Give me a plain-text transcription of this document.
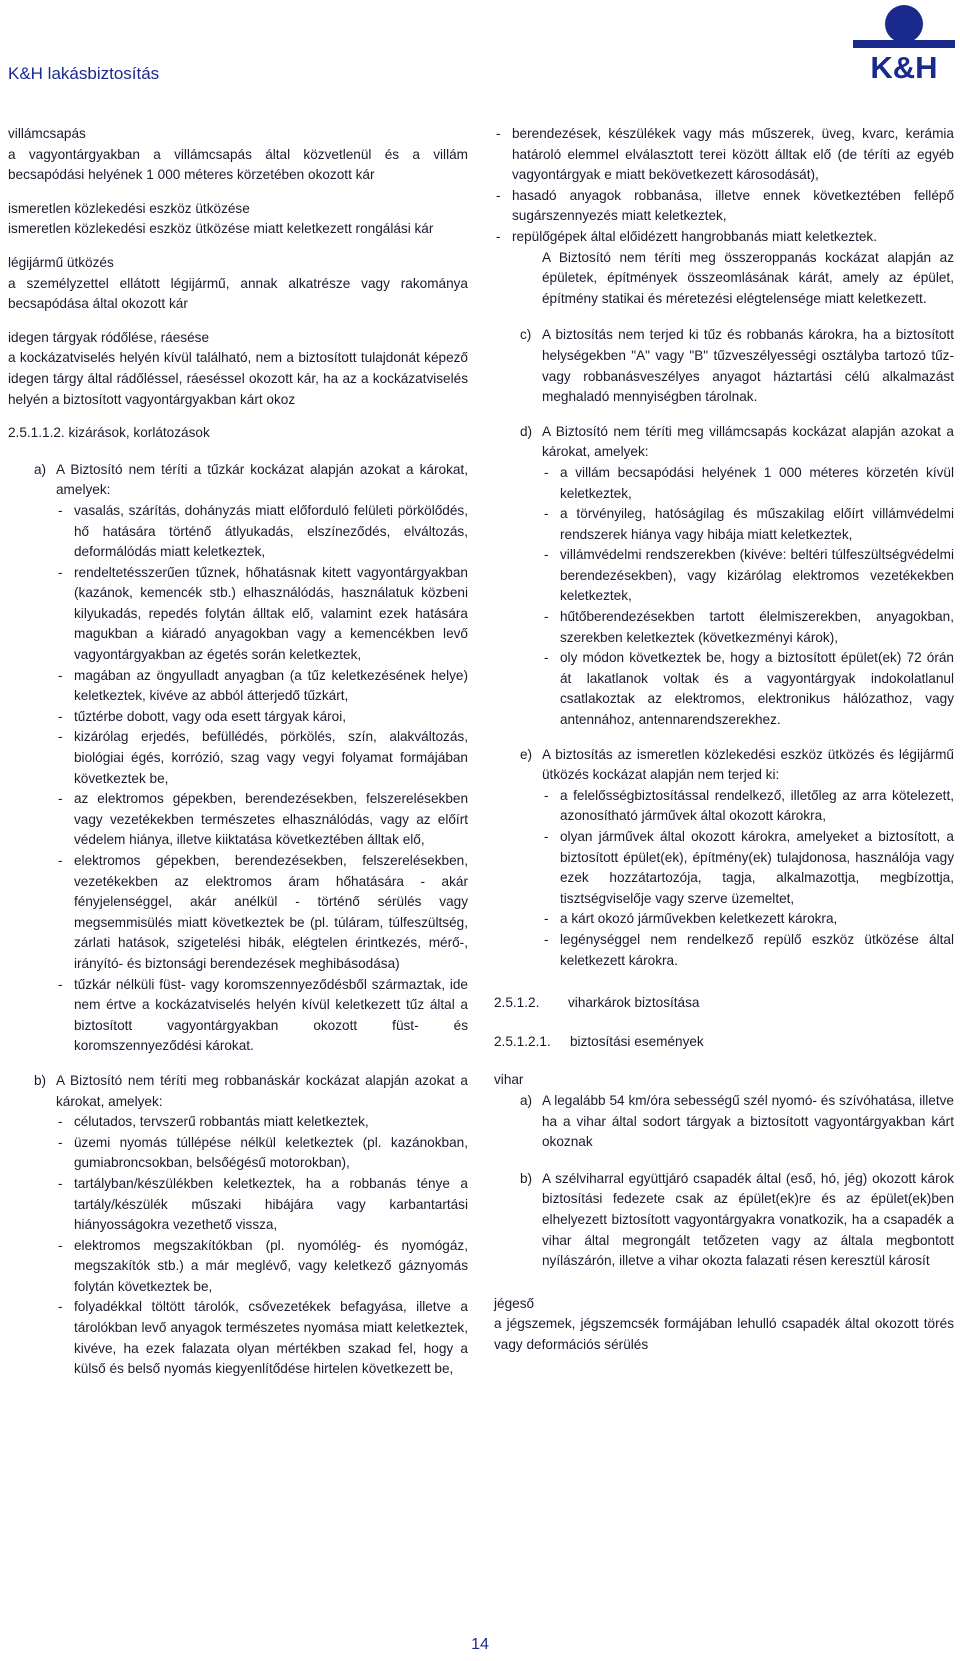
K&H lakásbiztosítás	K&H

villámcsapás

a vagyontárgyakban a villámcsapás által közvetlenül és a villám becsapódási helyének 1 000 méteres körzetében okozott kár

ismeretlen közlekedési eszköz ütközése

ismeretlen közlekedési eszköz ütközése miatt keletkezett rongálási kár

légijármű ütközés

a személyzettel ellátott légijármű, annak alkatrésze vagy rakománya becsapódása által okozott kár

idegen tárgyak ródőlése, ráesése

a kockázatviselés helyén kívül található, nem a biztosított tulajdonát képező idegen tárgy által rádőléssel, ráeséssel okozott kár, ha az a kockázatviselés helyén a biztosított vagyontárgyakban kárt okoz

2.5.1.1.2. kizárások, korlátozások
a) A Biztosító nem téríti a tűzkár kockázat alapján azokat a károkat, amelyek:

- vasalás, szárítás, dohányzás miatt előforduló felületi pörkölődés, hő hatására történő átlyukadás, elszíneződés, elváltozás, deformálódás miatt keletkeztek,
- rendeltetésszerűen tűznek, hőhatásnak kitett vagyontárgyakban (kazánok, kemencék stb.) elhasználódás, használatuk közbeni kilyukadás, repedés folytán álltak elő, valamint ezek hatására magukban a kiáradó anyagokban vagy a kemencékben levő vagyontárgyakban az égetés során keletkeztek,
- magában az öngyulladt anyagban (a tűz keletkezésének helye) keletkeztek, kivéve az abból átterjedő tűzkárt,
- tűztérbe dobott, vagy oda esett tárgyak károi,
- kizárólag erjedés, befüllédés, pörkölés, szín, alakváltozás, biológiai égés, korrózió, szag vagy vegyi folyamat formájában következtek be,
- az elektromos gépekben, berendezésekben, felszerelésekben vagy vezetékekben természetes elhasználódás, vagy az előírt védelem hiánya, illetve kiiktatása következtében álltak elő,
- elektromos gépekben, berendezésekben, felszerelésekben, vezetékekben az elektromos áram hőhatására - akár fényjelenséggel, akár anélkül - történő sérülés vagy megsemmisülés miatt következtek be (pl. túláram, túlfeszültség, zárlati hatások, szigetelési hibák, elégtelen érintkezés, mérő-, irányító- és biztonsági berendezések meghibásodása)
- tűzkár nélküli füst- vagy koromszennyeződésből származtak, ide nem értve a kockázatviselés helyén kívül keletkezett tűz által a biztosított vagyontárgyakban okozott füst- és koromszennyeződési károkat.
b) A Biztosító nem téríti meg robbanáskár kockázat alapján azokat a károkat, amelyek:

- célutados, tervszerű robbantás miatt keletkeztek,
- üzemi nyomás túllépése nélkül keletkeztek (pl. kazánokban, gumiabroncsokban, belsőégésű motorokban),
- tartályban/készülékben keletkeztek, ha a robbanás tényе a tartály/készülék műszaki hibájára vagy karbantartási hiányosságokra vezethető vissza,
- elektromos megszakítókban (pl. nyomólég- és nyomógáz, megszakítók stb.) a már meglévő, vagy keletkező gáznyomás folytán következtek be,
- folyadékkal töltött tárolók, csővezetékek befagyása, illetve a tárolókban levő anyagok természetes nyomása miatt keletkeztek, kivéve, ha ezek falazata olyan mértékben szakad fel, hogy a külső és belső nyomás kiegyenlítődése hirtelen következett be,
- berendezések, készülékek vagy más műszerek, üveg, kvarc, kerámia határoló elemmel elválasztott terei között álltak elő (de téríti az egyéb vagyontárgyak e miatt bekövetkezett károsodását),
- hasadó anyagok robbanása, illetve ennek következtében fellépő sugárszennyezés miatt keletkeztek,
- repülőgépek által előidézett hangrobbanás miatt keletkeztek.

A Biztosító nem téríti meg összeroppanás kockázat alapján az épületek, építmények összeomlásának kárát, amely az épület, építmény statikai és méretezési elégtelensége miatt keletkezett.

c) A biztosítás nem terjed ki tűz és robbanás károkra, ha a biztosított helységekben "A" vagy "B" tűzveszélyességi osztályba tartozó tűz- vagy robbanásveszélyes anyagot háztartási célú alkalmazást meghaladó mennyiségben tárolnak.

d) A Biztosító nem téríti meg villámcsapás kockázat alapján azokat a károkat, amelyek:

- a villám becsapódási helyének 1 000 méteres körzetén kívül keletkeztek,
- a törvényileg, hatóságilag és műszakilag előírt villámvédelmi rendszerek hiánya vagy hibája miatt keletkeztek,
- villámvédelmi rendszerekben (kivéve: beltéri túlfeszültségvédelmi berendezésekben), vagy kizárólag elektromos vezetékekben keletkeztek,
- hűtőberendezésekben tartott élelmiszerekben, anyagokban, szerekben keletkeztek (következményi károk),
- oly módon következtek be, hogy a biztosított épület(ek) 72 órán át lakatlanok voltak és a vagyontárgyak indokolatlanul csatlakoztak az elektromos, elektronikus hálózathoz, vagy antennához, antennarendszerekhez.
e) A biztosítás az ismeretlen közlekedési eszköz ütközés és légijármű ütközés kockázat alapján nem terjed ki:

- a felelősségbiztosítással rendelkező, illetőleg az arra kötelezett, azonosítható járművek által okozott károkra,
- olyan járművek által okozott károkra, amelyeket a biztosított, a biztosított épület(ek), építmény(ek) tulajdonosa, használója vagy ezek hozzátartozója, tagja, alkalmazottja, megbízottja, tisztségviselője vagy szerve üzemeltet,
- a kárt okozó járművekben keletkezett károkra,
- legénységgel nem rendelkező repülő eszköz ütközése által keletkezett károkra.
2.5.1.2.	viharkárok biztosítása
2.5.1.2.1.	biztosítási események

vihar

a) A legalább 54 km/óra sebességű szél nyomó- és szívóhatása, illetve ha a vihar által sodort tárgyak a biztosított vagyontárgyakban kárt okoznak

b) A szélviharral együttjáró csapadék által (eső, hó, jég) okozott károk biztosítási fedezete csak az épület(ek)re és az épület(ek)ben elhelyezett biztosított vagyontárgyakra vonatkozik, ha a csapadék a vihar által megrongált tetőzeten vagy az általa megbontott nyílászárón, illetve a vihar okozta falazati résen keresztül károsít

jégeső

a jégszemek, jégszemcsék formájában lehulló csapadék által okozott törés vagy deformációs sérülés

14
